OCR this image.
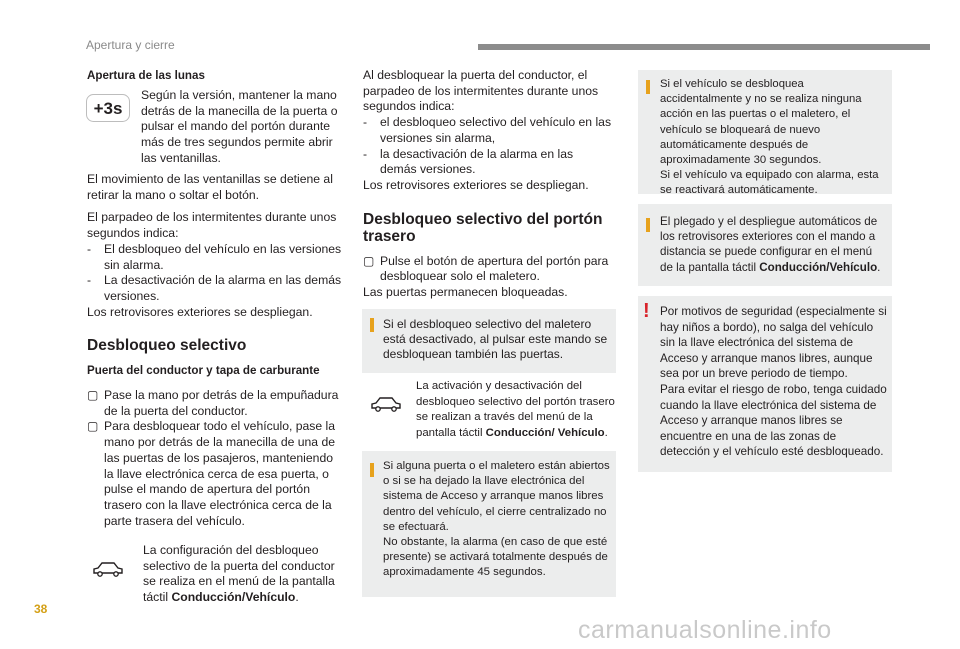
Apertura y cierre

Apertura de las lunas

+3s

Según la versión, mantener la mano detrás de la manecilla de la puerta o pulsar el mando del portón durante más de tres segundos permite abrir las ventanillas.

El movimiento de las ventanillas se detiene al retirar la mano o soltar el botón.

El parpadeo de los intermitentes durante unos segundos indica:

-	El desbloqueo del vehículo en las versiones sin alarma.
-	La desactivación de la alarma en las demás versiones.

Los retrovisores exteriores se despliegan.

Desbloqueo selectivo

Puerta del conductor y tapa de carburante

▢ Pase la mano por detrás de la empuñadura de la puerta del conductor.
▢ Para desbloquear todo el vehículo, pase la mano por detrás de la manecilla de una de las puertas de los pasajeros, manteniendo la llave electrónica cerca de esa puerta, o pulse el mando de apertura del portón trasero con la llave electrónica cerca de la parte trasera del vehículo.

La configuración del desbloqueo selectivo de la puerta del conductor se realiza en el menú de la pantalla táctil Conducción/Vehículo.

Al desbloquear la puerta del conductor, el parpadeo de los intermitentes durante unos segundos indica:

-	el desbloqueo selectivo del vehículo en las versiones sin alarma,
-	la desactivación de la alarma en las demás versiones.

Los retrovisores exteriores se despliegan.

Desbloqueo selectivo del portón trasero
▢ Pulse el botón de apertura del portón para desbloquear solo el maletero.

Las puertas permanecen bloqueadas.

Si el desbloqueo selectivo del maletero está desactivado, al pulsar este mando se desbloquean también las puertas.

La activación y desactivación del desbloqueo selectivo del portón trasero se realizan a través del menú de la pantalla táctil Conducción/ Vehículo.

Si alguna puerta o el maletero están abiertos o si se ha dejado la llave electrónica del sistema de Acceso y arranque manos libres dentro del vehículo, el cierre centralizado no se efectuará.
No obstante, la alarma (en caso de que esté presente) se activará totalmente después de aproximadamente 45 segundos.

Si el vehículo se desbloquea accidentalmente y no se realiza ninguna acción en las puertas o el maletero, el vehículo se bloqueará de nuevo automáticamente después de aproximadamente 30 segundos.
Si el vehículo va equipado con alarma, esta se reactivará automáticamente.

El plegado y el despliegue automáticos de los retrovisores exteriores con el mando a distancia se puede configurar en el menú de la pantalla táctil Conducción/Vehículo.

! Por motivos de seguridad (especialmente si hay niños a bordo), no salga del vehículo sin la llave electrónica del sistema de Acceso y arranque manos libres, aunque sea por un breve periodo de tiempo.
Para evitar el riesgo de robo, tenga cuidado cuando la llave electrónica del sistema de Acceso y arranque manos libres se encuentre en una de las zonas de detección y el vehículo esté desbloqueado.

38
carmanualsonline.info
